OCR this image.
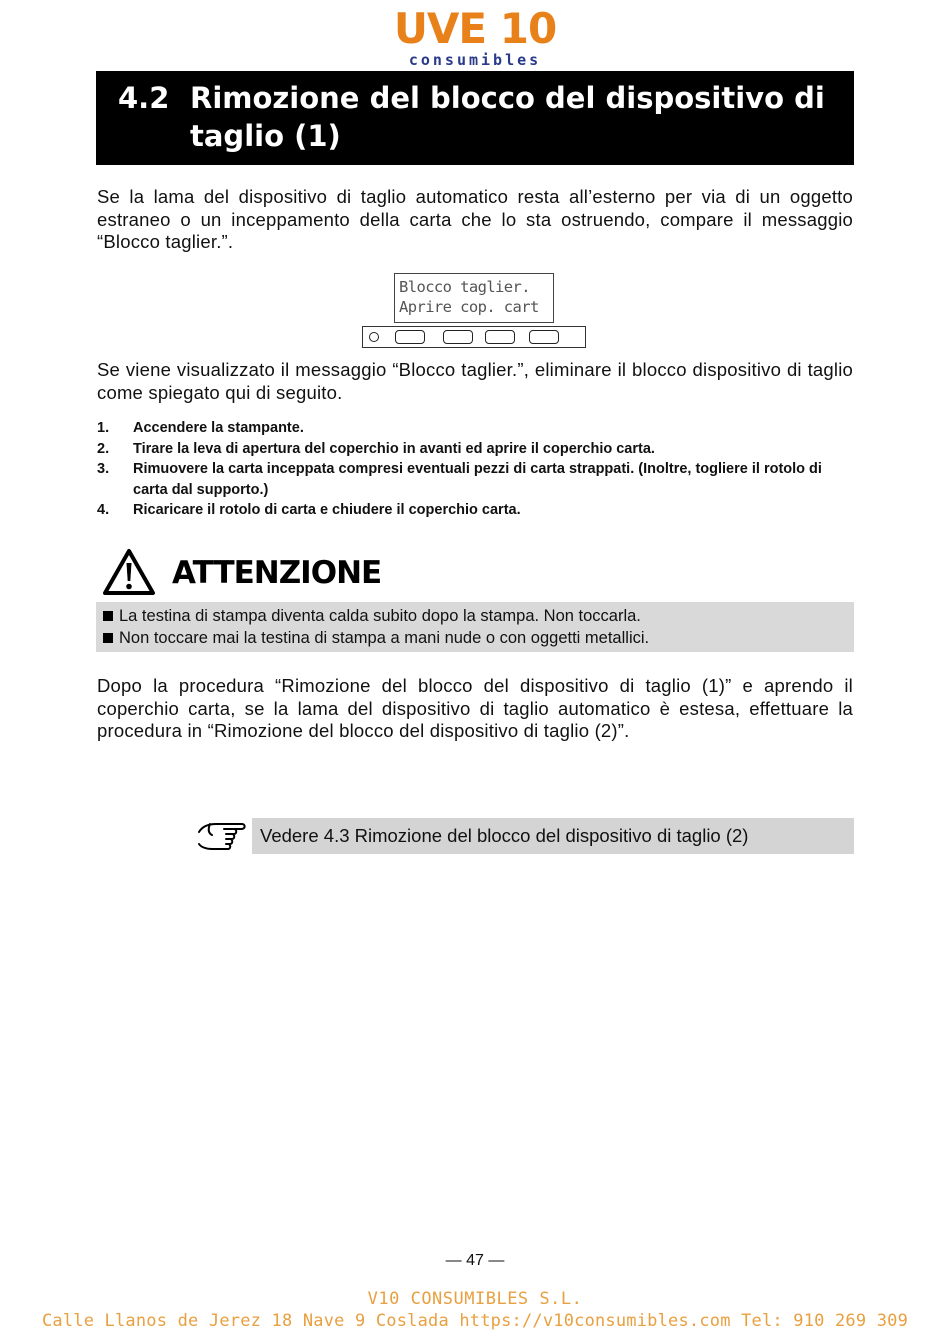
UVE 10
consumibles
4.2 Rimozione del blocco del dispositivo di taglio (1)
Se la lama del dispositivo di taglio automatico resta all’esterno per via di un oggetto estraneo o un inceppamento della carta che lo sta ostruendo, compare il messaggio “Blocco taglier.”.
Blocco taglier.
Aprire cop. cart
Se viene visualizzato il messaggio “Blocco taglier.”, eliminare il blocco dispositivo di taglio come spiegato qui di seguito.
1. Accendere la stampante.
2. Tirare la leva di apertura del coperchio in avanti ed aprire il coperchio carta.
3. Rimuovere la carta inceppata compresi eventuali pezzi di carta strappati. (Inoltre, togliere il rotolo di carta dal supporto.)
4. Ricaricare il rotolo di carta e chiudere il coperchio carta.
ATTENZIONE
La testina di stampa diventa calda subito dopo la stampa. Non toccarla.
Non toccare mai la testina di stampa a mani nude o con oggetti metallici.
Dopo la procedura “Rimozione del blocco del dispositivo di taglio (1)” e aprendo il coperchio carta, se la lama del dispositivo di taglio automatico è estesa, effettuare la procedura in “Rimozione del blocco del dispositivo di taglio (2)”.
Vedere 4.3 Rimozione del blocco del dispositivo di taglio (2)
— 47 —
V10 CONSUMIBLES S.L.
Calle Llanos de Jerez 18 Nave 9 Coslada https://v10consumibles.com Tel: 910 269 309
